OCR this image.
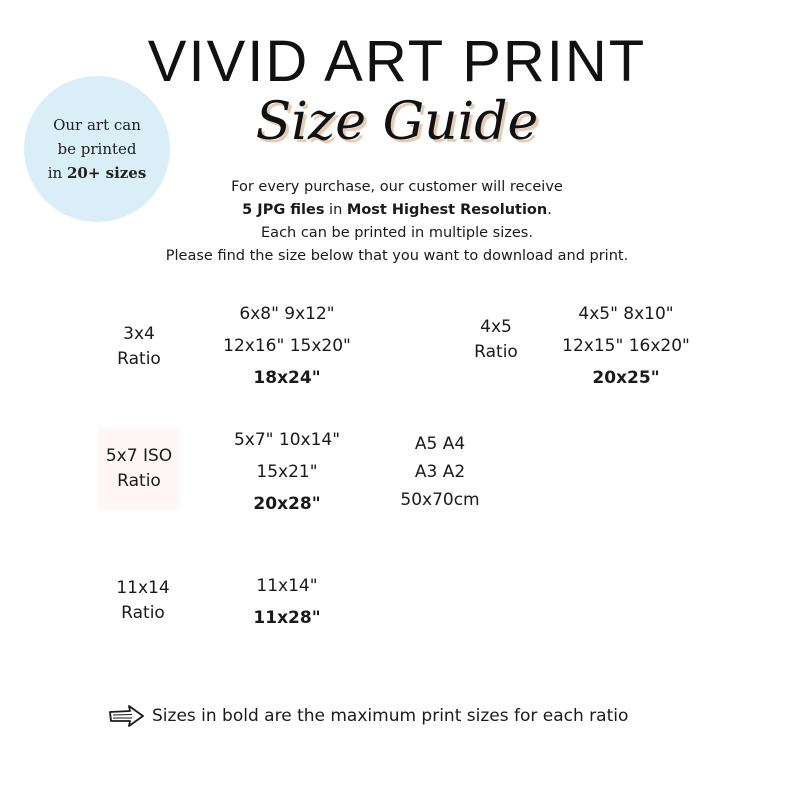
VIVID ART PRINT
Size Guide
Our art can
be printed
in 20+ sizes
For every purchase, our customer will receive
5 JPG files in Most Highest Resolution.
Each can be printed in multiple sizes.
Please find the size below that you want to download and print.
3x4
Ratio
6x8" 9x12"
12x16" 15x20"
18x24"
4x5
Ratio
4x5" 8x10"
12x15" 16x20"
20x25"
5x7 ISO
Ratio
5x7" 10x14"
15x21"
20x28"
A5 A4
A3 A2
50x70cm
11x14
Ratio
11x14"
11x28"
Sizes in bold are the maximum print sizes for each ratio
